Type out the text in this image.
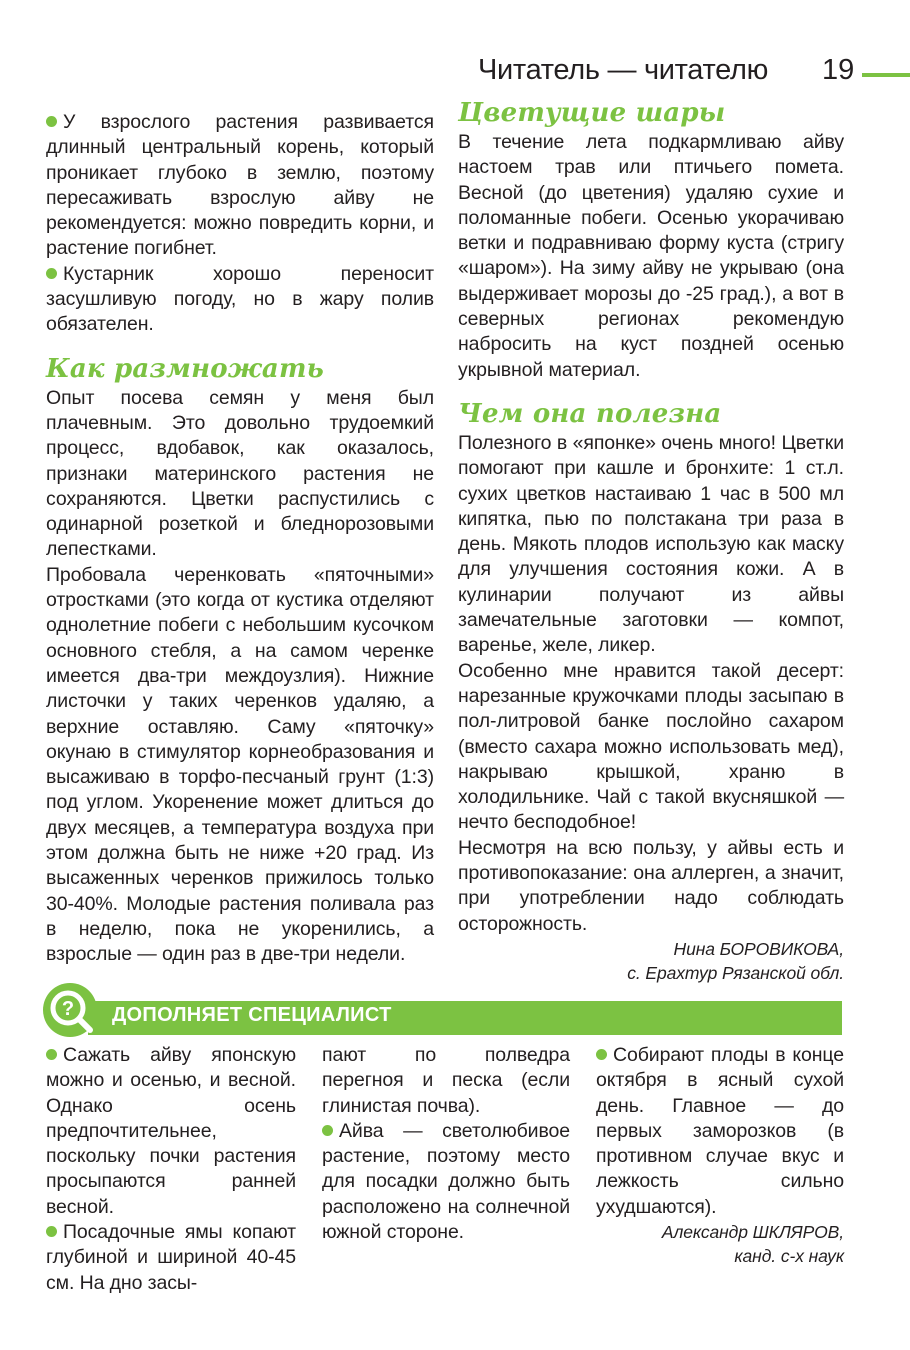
Читатель — читателю 19

У взрослого растения развивается длинный центральный корень, который проникает глубоко в землю, поэтому пересаживать взрослую айву не рекомендуется: можно повредить корни, и растение погибнет.

Кустарник хорошо переносит засушливую погоду, но в жару полив обязателен.

Как размножать

Опыт посева семян у меня был плачевным. Это довольно трудоемкий процесс, вдобавок, как оказалось, признаки материнского растения не сохраняются. Цветки распустились с одинарной розеткой и бледнорозовыми лепестками.

Пробовала черенковать «пяточными» отростками (это когда от кустика отделяют однолетние побеги с небольшим кусочком основного стебля, а на самом черенке имеется два-три междоузлия). Нижние листочки у таких черенков удаляю, а верхние оставляю. Саму «пяточку» окунаю в стимулятор корнеобразования и высаживаю в торфо-песчаный грунт (1:3) под углом. Укоренение может длиться до двух месяцев, а температура воздуха при этом должна быть не ниже +20 град. Из высаженных черенков прижилось только 30-40%. Молодые растения поливала раз в неделю, пока не укоренились, а взрослые — один раз в две-три недели.

Цветущие шары

В течение лета подкармливаю айву настоем трав или птичьего помета. Весной (до цветения) удаляю сухие и поломанные побеги. Осенью укорачиваю ветки и подравниваю форму куста (стригу «шаром»). На зиму айву не укрываю (она выдерживает морозы до -25 град.), а вот в северных регионах рекомендую набросить на куст поздней осенью укрывной материал.

Чем она полезна

Полезного в «японке» очень много! Цветки помогают при кашле и бронхите: 1 ст.л. сухих цветков настаиваю 1 час в 500 мл кипятка, пью по полстакана три раза в день. Мякоть плодов использую как маску для улучшения состояния кожи. А в кулинарии получают из айвы замечательные заготовки — компот, варенье, желе, ликер.

Особенно мне нравится такой десерт: нарезанные кружочками плоды засыпаю в пол-литровой банке послойно сахаром (вместо сахара можно использовать мед), накрываю крышкой, храню в холодильнике. Чай с такой вкусняшкой — нечто бесподобное!

Несмотря на всю пользу, у айвы есть и противопоказание: она аллерген, а значит, при употреблении надо соблюдать осторожность.

Нина БОРОВИКОВА,
с. Ерахтур Рязанской обл.
? ДОПОЛНЯЕТ СПЕЦИАЛИСТ

Сажать айву японскую можно и осенью, и весной. Однако осень предпочтительнее, поскольку почки растения просыпаются ранней весной.

Посадочные ямы копают глубиной и шириной 40-45 см. На дно засы-

пают по полведра перегноя и песка (если глинистая почва).

Айва — светолюбивое растение, поэтому место для посадки должно быть расположено на солнечной южной стороне.

Собирают плоды в конце октября в ясный сухой день. Главное — до первых заморозков (в противном случае вкус и лежкость сильно ухудшаются).

Александр ШКЛЯРОВ,
канд. с-х наук
